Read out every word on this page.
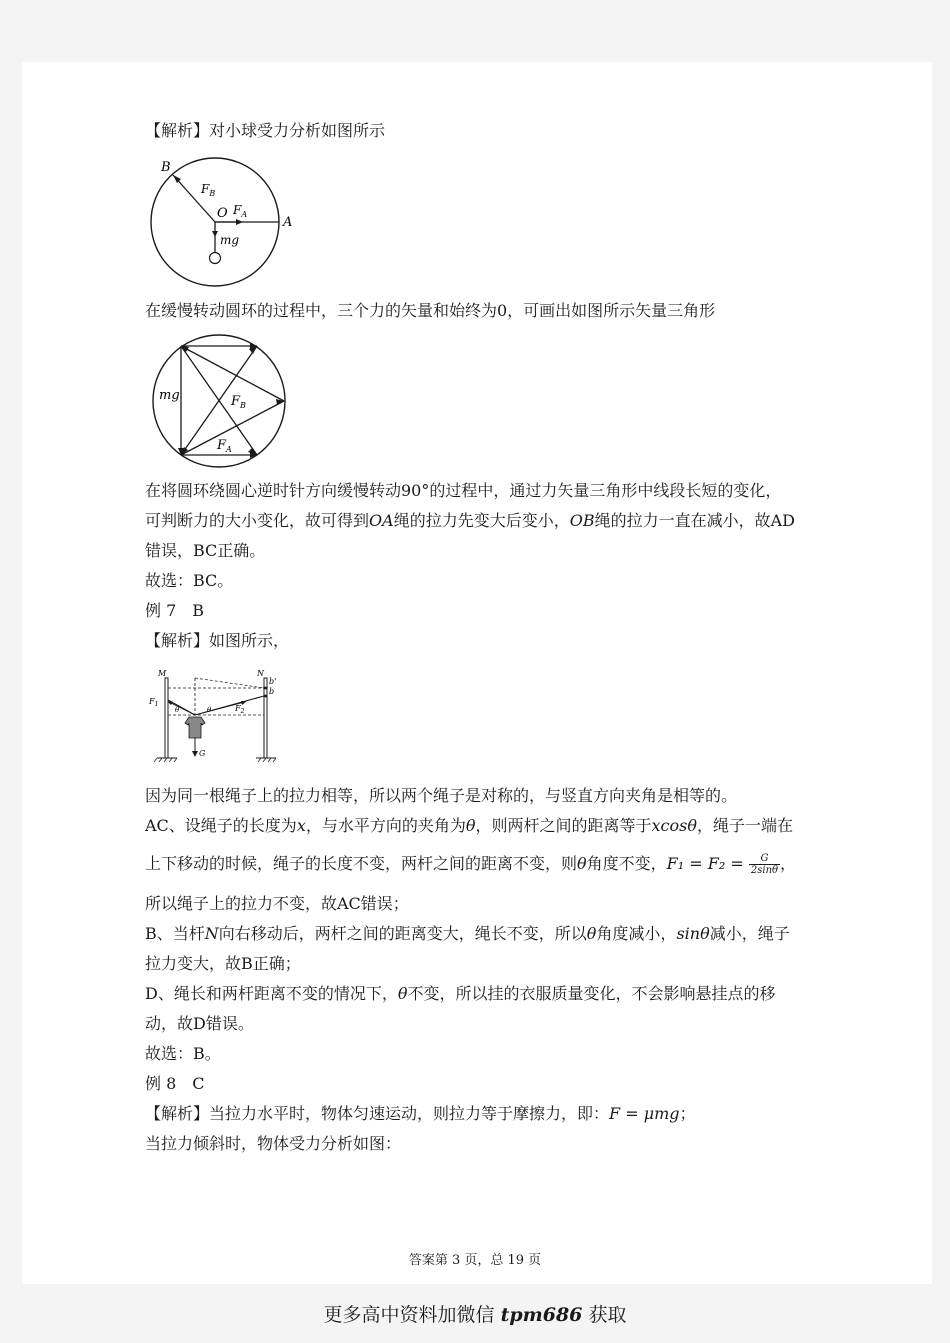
【解析】对小球受力分析如图所示
B
$F_B$
O $F_A$
A
mg
在缓慢转动圆环的过程中，三个力的矢量和始终为0，可画出如图所示矢量三角形
mg	$F_B$
$F_A$
在将圆环绕圆心逆时针方向缓慢转动90°的过程中，通过力矢量三角形中线段长短的变化，
可判断力的大小变化，故可得到OA绳的拉力先变大后变小，OB绳的拉力一直在减小，故AD
错误，BC正确。
故选：BC。
例 7　B
【解析】如图所示，
M	N
b'
b
$F_1$	$F_2$
θ	θ
G
因为同一根绳子上的拉力相等，所以两个绳子是对称的，与竖直方向夹角是相等的。
AC、设绳子的长度为x，与水平方向的夹角为θ，则两杆之间的距离等于xcosθ，绳子一端在
上下移动的时候，绳子的长度不变，两杆之间的距离不变，则θ角度不变，$F_1 = F_2 = \frac{G}{2\sin\theta}$ ，
所以绳子上的拉力不变，故AC错误；
B、当杆N向右移动后，两杆之间的距离变大，绳长不变，所以θ角度减小，sinθ减小，绳子
拉力变大，故B正确；
D、绳长和两杆距离不变的情况下，θ不变，所以挂的衣服质量变化，不会影响悬挂点的移
动，故D错误。
故选：B。
例 8　C
【解析】当拉力水平时，物体匀速运动，则拉力等于摩擦力，即：F = μmg；
当拉力倾斜时，物体受力分析如图：
答案第 3 页，总 19 页
更多高中资料加微信 tpm686 获取
